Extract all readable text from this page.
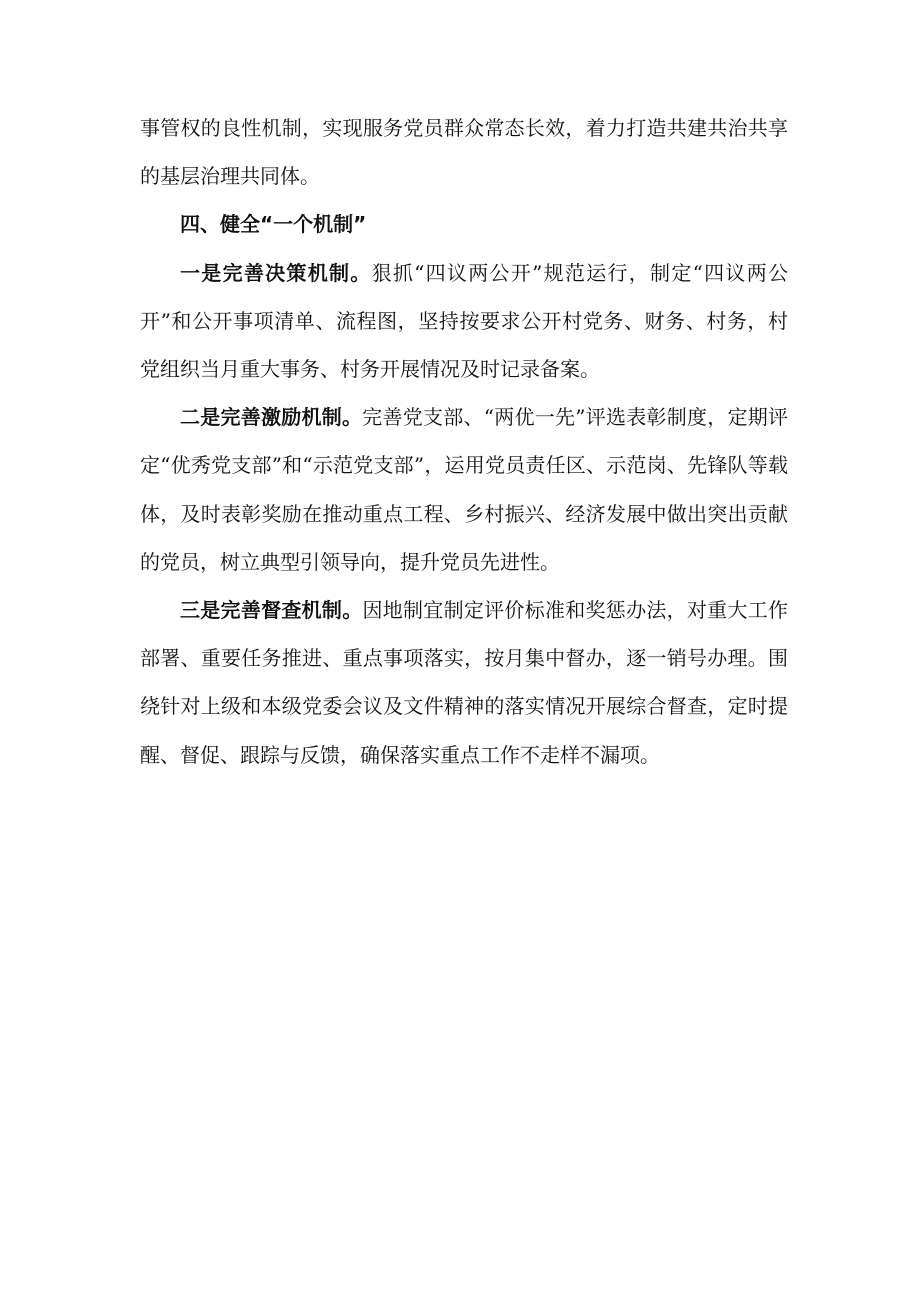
事管权的良性机制，实现服务党员群众常态长效，着力打造共建共治共享的基层治理共同体。

四、健全“一个机制”

一是完善决策机制。狠抓“四议两公开”规范运行，制定“四议两公开”和公开事项清单、流程图，坚持按要求公开村党务、财务、村务，村党组织当月重大事务、村务开展情况及时记录备案。

二是完善激励机制。完善党支部、“两优一先”评选表彰制度，定期评定“优秀党支部”和“示范党支部”，运用党员责任区、示范岗、先锋队等载体，及时表彰奖励在推动重点工程、乡村振兴、经济发展中做出突出贡献的党员，树立典型引领导向，提升党员先进性。

三是完善督查机制。因地制宜制定评价标准和奖惩办法，对重大工作部署、重要任务推进、重点事项落实，按月集中督办，逐一销号办理。围绕针对上级和本级党委会议及文件精神的落实情况开展综合督查，定时提醒、督促、跟踪与反馈，确保落实重点工作不走样不漏项。
